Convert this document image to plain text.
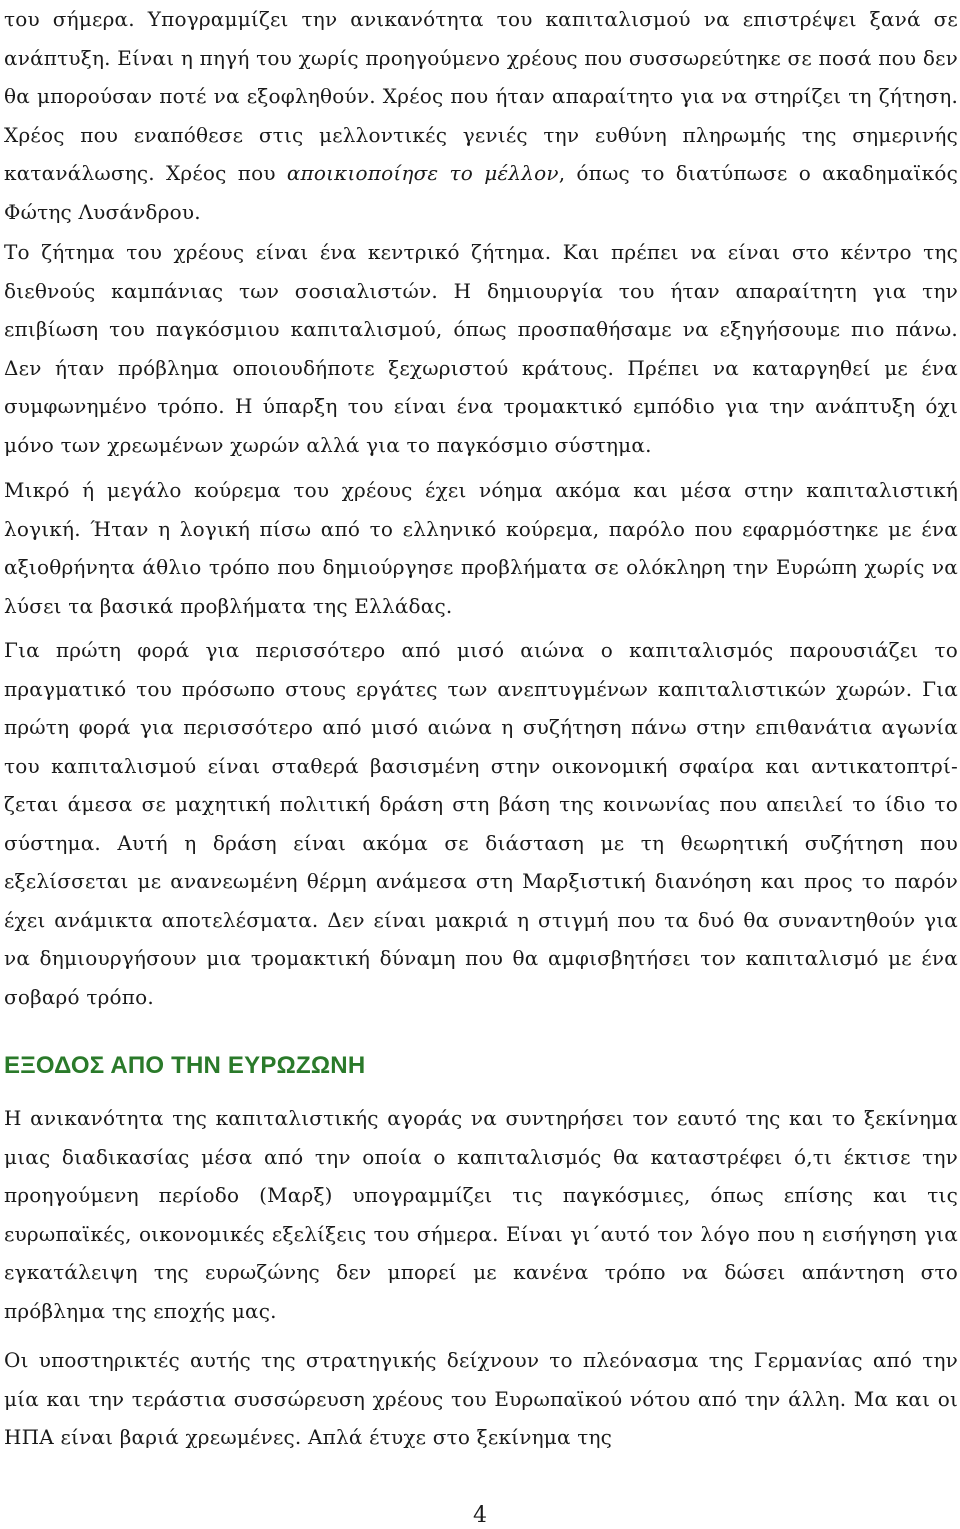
του σήμερα. Υπογραμμίζει την ανικανότητα του καπιταλισμού να επιστρέψει ξανά σε ανάπτυξη. Είναι η πηγή του χωρίς προηγούμενο χρέους που συσσωρεύτηκε σε ποσά που δεν θα μπορούσαν ποτέ να εξοφληθούν. Χρέος που ήταν απαραίτητο για να στηρίζει τη ζήτηση. Χρέος που εναπόθεσε στις μελλοντικές γενιές την ευθύνη πληρωμής της σημερινής κατανάλωσης. Χρέος που αποικιοποίησε το μέλλον, όπως το διατύπωσε ο ακαδημαϊκός Φώτης Λυσάνδρου.

Το ζήτημα του χρέους είναι ένα κεντρικό ζήτημα. Και πρέπει να είναι στο κέντρο της διεθνούς καμπάνιας των σοσιαλιστών. Η δημιουργία του ήταν απαραίτητη για την επιβίωση του παγκόσμιου καπιταλισμού, όπως προσπαθήσαμε να εξηγήσουμε πιο πάνω. Δεν ήταν πρόβλημα οποιουδήποτε ξεχωριστού κράτους. Πρέπει να καταργηθεί με ένα συμφωνημένο τρόπο. Η ύπαρξη του είναι ένα τρομακτικό εμπόδιο για την ανάπτυξη όχι μόνο των χρεωμένων χωρών αλλά για το παγκόσμιο σύστημα.

Μικρό ή μεγάλο κούρεμα του χρέους έχει νόημα ακόμα και μέσα στην καπιταλιστική λογική. Ήταν η λογική πίσω από το ελληνικό κούρεμα, παρόλο που εφαρμόστηκε με ένα αξιοθρήνητα άθλιο τρόπο που δημιούργησε προβλήματα σε ολόκληρη την Ευρώπη χωρίς να λύσει τα βασικά προβλήματα της Ελλάδας.

Για πρώτη φορά για περισσότερο από μισό αιώνα ο καπιταλισμός παρουσιάζει το πραγματικό του πρόσωπο στους εργάτες των ανεπτυγμένων καπιταλιστικών χωρών. Για πρώτη φορά για περισσότερο από μισό αιώνα η συζήτηση πάνω στην επιθανάτια αγωνία του καπιταλισμού είναι σταθερά βασισμένη στην οικονομική σφαίρα και αντικατοπτρί-ζεται άμεσα σε μαχητική πολιτική δράση στη βάση της κοινωνίας που απειλεί το ίδιο το σύστημα. Αυτή η δράση είναι ακόμα σε διάσταση με τη θεωρητική συζήτηση που εξελίσσεται με ανανεωμένη θέρμη ανάμεσα στη Μαρξιστική διανόηση και προς το παρόν έχει ανάμικτα αποτελέσματα. Δεν είναι μακριά η στιγμή που τα δυό θα συναντηθούν για να δημιουργήσουν μια τρομακτική δύναμη που θα αμφισβητήσει τον καπιταλισμό με ένα σοβαρό τρόπο.

ΕΞΟΔΟΣ ΑΠΟ ΤΗΝ ΕΥΡΩΖΩΝΗ

Η ανικανότητα της καπιταλιστικής αγοράς να συντηρήσει τον εαυτό της και το ξεκίνημα μιας διαδικασίας μέσα από την οποία ο καπιταλισμός θα καταστρέφει ό,τι έκτισε την προηγούμενη περίοδο (Μαρξ) υπογραμμίζει τις παγκόσμιες, όπως επίσης και τις ευρωπαϊκές, οικονομικές εξελίξεις του σήμερα. Είναι γι΄αυτό τον λόγο που η εισήγηση για εγκατάλειψη της ευρωζώνης δεν μπορεί με κανένα τρόπο να δώσει απάντηση στο πρόβλημα της εποχής μας.

Οι υποστηρικτές αυτής της στρατηγικής δείχνουν το πλεόνασμα της Γερμανίας από την μία και την τεράστια συσσώρευση χρέους του Ευρωπαϊκού νότου από την άλλη. Μα και οι ΗΠΑ είναι βαριά χρεωμένες. Απλά έτυχε στο ξεκίνημα της

4
